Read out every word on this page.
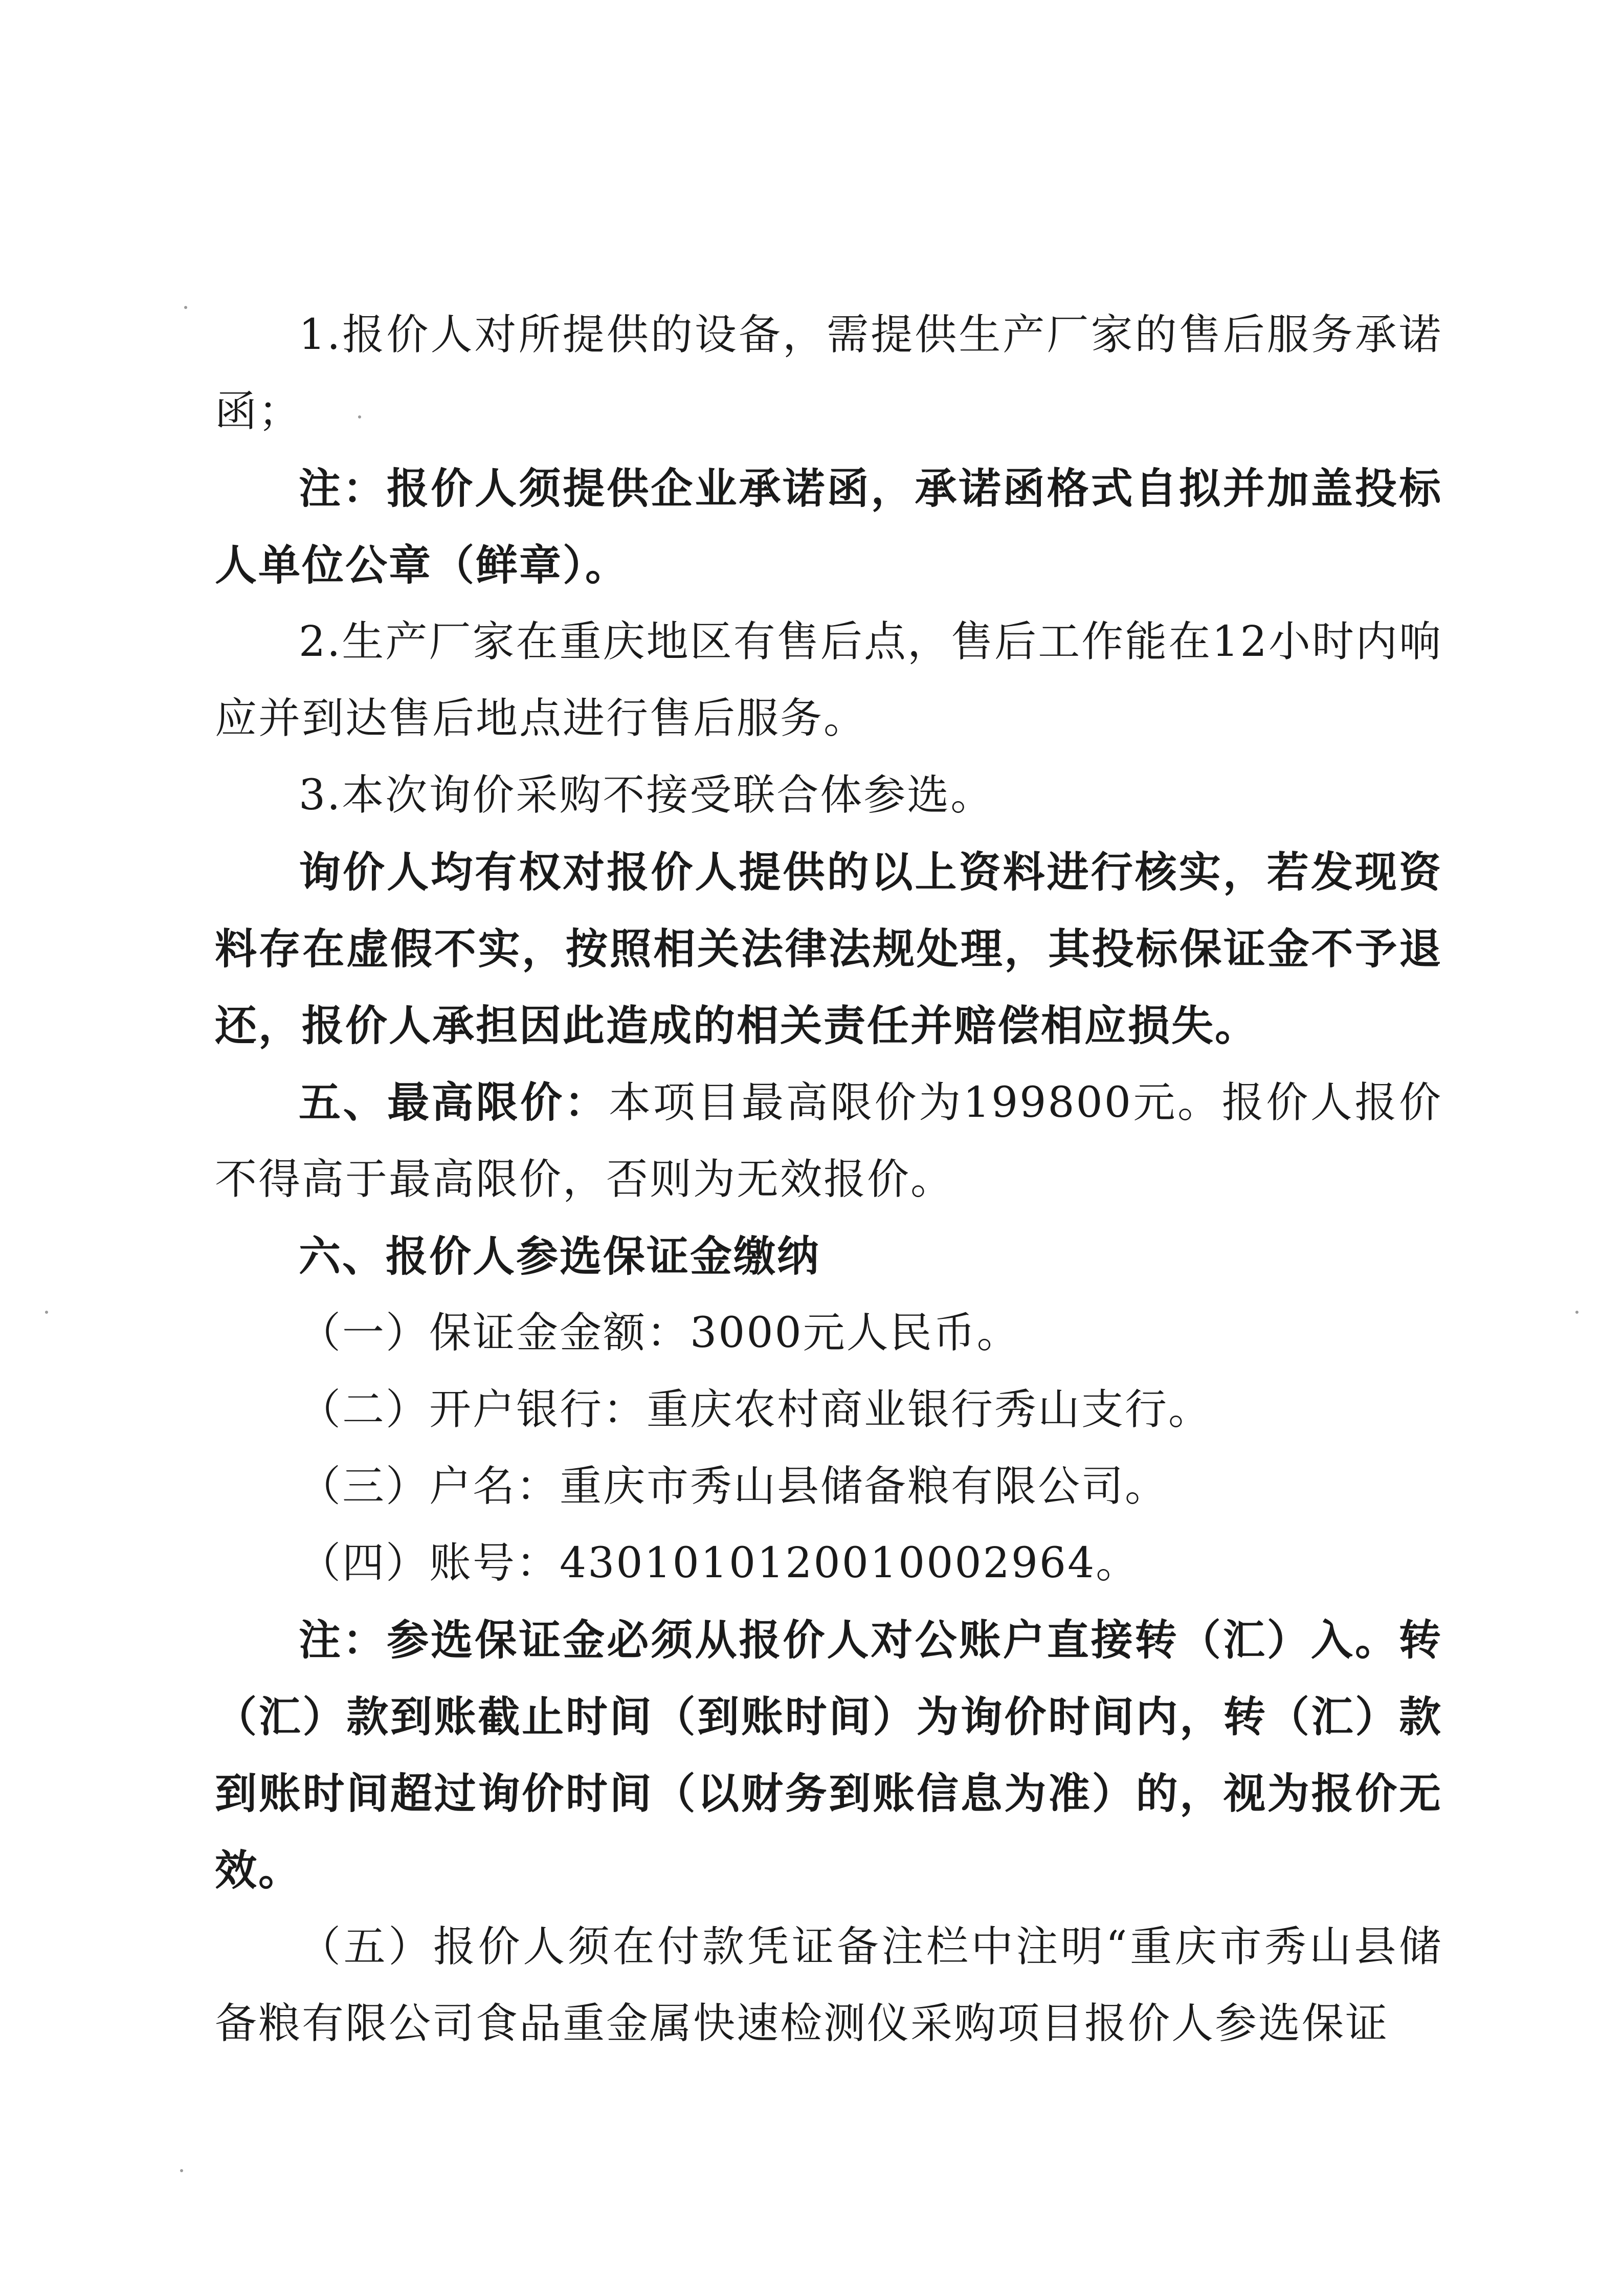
1.报价人对所提供的设备，需提供生产厂家的售后服务承诺函；

注：报价人须提供企业承诺函，承诺函格式自拟并加盖投标人单位公章（鲜章）。

2.生产厂家在重庆地区有售后点，售后工作能在12小时内响应并到达售后地点进行售后服务。

3.本次询价采购不接受联合体参选。

询价人均有权对报价人提供的以上资料进行核实，若发现资料存在虚假不实，按照相关法律法规处理，其投标保证金不予退还，报价人承担因此造成的相关责任并赔偿相应损失。

五、最高限价：本项目最高限价为199800元。报价人报价不得高于最高限价，否则为无效报价。

六、报价人参选保证金缴纳

（一）保证金金额：3000元人民币。

（二）开户银行：重庆农村商业银行秀山支行。

（三）户名：重庆市秀山县储备粮有限公司。

（四）账号：4301010120010002964。

注：参选保证金必须从报价人对公账户直接转（汇）入。转（汇）款到账截止时间（到账时间）为询价时间内，转（汇）款到账时间超过询价时间（以财务到账信息为准）的，视为报价无效。

（五）报价人须在付款凭证备注栏中注明“重庆市秀山县储备粮有限公司食品重金属快速检测仪采购项目报价人参选保证
